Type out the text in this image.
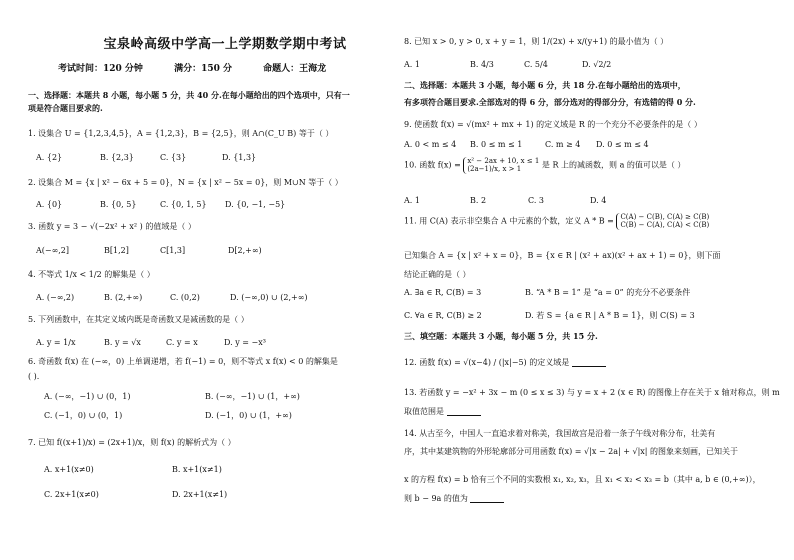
宝泉岭高级中学高一上学期数学期中考试
考试时间：120 分钟	满分：150 分	命题人：王海龙
一、选择题：本题共 8 小题，每小题 5 分，共 40 分.在每小题给出的四个选项中，只有一
项是符合题目要求的.
1. 设集合 U = {1,2,3,4,5}，A = {1,2,3}，B = {2,5}，则 A∩(C_U B) 等于（ ）
A. {2}	B. {2,3}	C. {3}	D. {1,3}
2. 设集合 M = {x | x² − 6x + 5 = 0}，N = {x | x² − 5x = 0}，则 M∪N 等于（ ）
A. {0}	B. {0, 5}	C. {0, 1, 5} D. {0, −1, −5}
3. 函数 y = 3 − √(−2x² + x² ) 的值域是（ ）
A(−∞,2]	B[1,2]	C[1,3]	D[2,+∞)
4. 不等式 1/x < 1/2 的解集是（ ）
A. (−∞,2)	B. (2,+∞)	C. (0,2)	D. (−∞,0) ∪ (2,+∞)
5. 下列函数中，在其定义域内既是奇函数又是减函数的是（ ）
A. y = 1/x	B. y = √x	C. y = x	D. y = −x³
6. 奇函数 f(x) 在 (−∞，0) 上单调递增，若 f(−1) = 0，则不等式 x f(x) < 0 的解集是
( ).
A. (−∞，−1) ∪ (0，1)	B. (−∞，−1) ∪ (1，+∞)
C. (−1，0) ∪ (0，1)	D. (−1，0) ∪ (1，+∞)
7. 已知 f((x+1)/x) = (2x+1)/x，则 f(x) 的解析式为（ ）
A. x+1(x≠0)	B. x+1(x≠1)
C. 2x+1(x≠0)	D. 2x+1(x≠1)
8. 已知 x > 0, y > 0, x + y = 1，则 1/(2x) + x/(y+1) 的最小值为（ ）
A. 1	B. 4/3	C. 5/4	D. √2/2
二、选择题：本题共 3 小题，每小题 6 分，共 18 分.在每小题给出的选项中，
有多项符合题目要求.全部选对的得 6 分，部分选对的得部分分，有选错的得 0 分.
9. 使函数 f(x) = √(mx² + mx + 1) 的定义域是 R 的一个充分不必要条件的是（ ）
A. 0 < m ≤ 4 B. 0 ≤ m ≤ 1	C. m ≥ 4 D. 0 ≤ m ≤ 4
10. 函数 f(x) = x² − 2ax + 10, x ≤ 1
(2a−1)/x, x > 1	是 R 上的减函数，则 a 的值可以是（ ）
A. 1	B. 2	C. 3	D. 4
11. 用 C(A) 表示非空集合 A 中元素的个数，定义 A * B = C(A) − C(B), C(A) ≥ C(B)
C(B) − C(A), C(A) < C(B)
已知集合 A = {x | x² + x = 0}，B = {x ∈ R | (x² + ax)(x² + ax + 1) = 0}，则下面
结论正确的是（ ）
A. ∃a ∈ R, C(B) = 3	B. “A * B = 1” 是 “a = 0” 的充分不必要条件
C. ∀a ∈ R, C(B) ≥ 2	D. 若 S = {a ∈ R | A * B = 1}，则 C(S) = 3
三、填空题：本题共 3 小题，每小题 5 分，共 15 分.
12. 函数 f(x) = √(x−4) / (|x|−5) 的定义域是
13. 若函数 y = −x² + 3x − m (0 ≤ x ≤ 3) 与 y = x + 2 (x ∈ R) 的图像上存在关于 x 轴对称点，则 m
取值范围是
14. 从古至今，中国人一直追求着对称美，我国故宫是沿着一条子午线对称分布，壮美有
序，其中某建筑物的外形轮廓部分可用函数 f(x) = √|x − 2a| + √|x| 的图象来刻画，已知关于
x 的方程 f(x) = b 恰有三个不同的实数根 x₁, x₂, x₃，且 x₁ < x₂ < x₃ = b（其中 a, b ∈ (0,+∞)），
则 b − 9a 的值为
